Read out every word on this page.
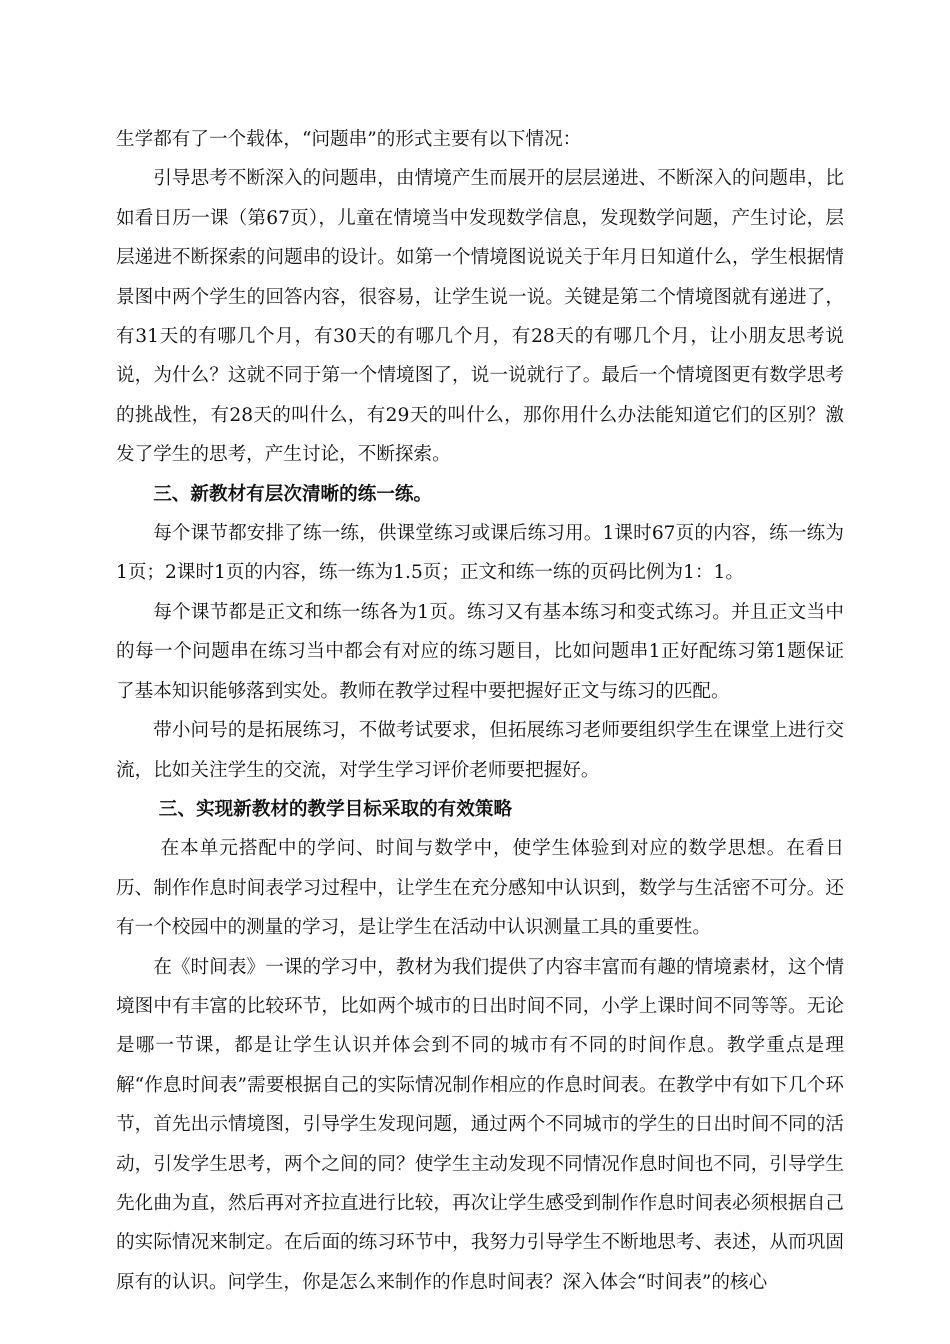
生学都有了一个载体，“问题串”的形式主要有以下情况：

引导思考不断深入的问题串，由情境产生而展开的层层递进、不断深入的问题串，比如看日历一课（第67页），儿童在情境当中发现数学信息，发现数学问题，产生讨论，层层递进不断探索的问题串的设计。如第一个情境图说说关于年月日知道什么，学生根据情景图中两个学生的回答内容，很容易，让学生说一说。关键是第二个情境图就有递进了，有31天的有哪几个月，有30天的有哪几个月，有28天的有哪几个月，让小朋友思考说说，为什么？这就不同于第一个情境图了，说一说就行了。最后一个情境图更有数学思考的挑战性，有28天的叫什么，有29天的叫什么，那你用什么办法能知道它们的区别？激发了学生的思考，产生讨论，不断探索。

三、新教材有层次清晰的练一练。

每个课节都安排了练一练，供课堂练习或课后练习用。1课时67页的内容，练一练为1页；2课时1页的内容，练一练为1.5页；正文和练一练的页码比例为1：1。

每个课节都是正文和练一练各为1页。练习又有基本练习和变式练习。并且正文当中的每一个问题串在练习当中都会有对应的练习题目，比如问题串1正好配练习第1题保证了基本知识能够落到实处。教师在教学过程中要把握好正文与练习的匹配。

带小问号的是拓展练习，不做考试要求，但拓展练习老师要组织学生在课堂上进行交流，比如关注学生的交流，对学生学习评价老师要把握好。

三、实现新教材的教学目标采取的有效策略

在本单元搭配中的学问、时间与数学中，使学生体验到对应的数学思想。在看日历、制作作息时间表学习过程中，让学生在充分感知中认识到，数学与生活密不可分。还有一个校园中的测量的学习，是让学生在活动中认识测量工具的重要性。

在《时间表》一课的学习中，教材为我们提供了内容丰富而有趣的情境素材，这个情境图中有丰富的比较环节，比如两个城市的日出时间不同，小学上课时间不同等等。无论是哪一节课，都是让学生认识并体会到不同的城市有不同的时间作息。教学重点是理解“作息时间表”需要根据自己的实际情况制作相应的作息时间表。在教学中有如下几个环节，首先出示情境图，引导学生发现问题，通过两个不同城市的学生的日出时间不同的活动，引发学生思考，两个之间的同？使学生主动发现不同情况作息时间也不同，引导学生先化曲为直，然后再对齐拉直进行比较，再次让学生感受到制作作息时间表必须根据自己的实际情况来制定。在后面的练习环节中，我努力引导学生不断地思考、表述，从而巩固原有的认识。问学生，你是怎么来制作的作息时间表？深入体会“时间表”的核心
